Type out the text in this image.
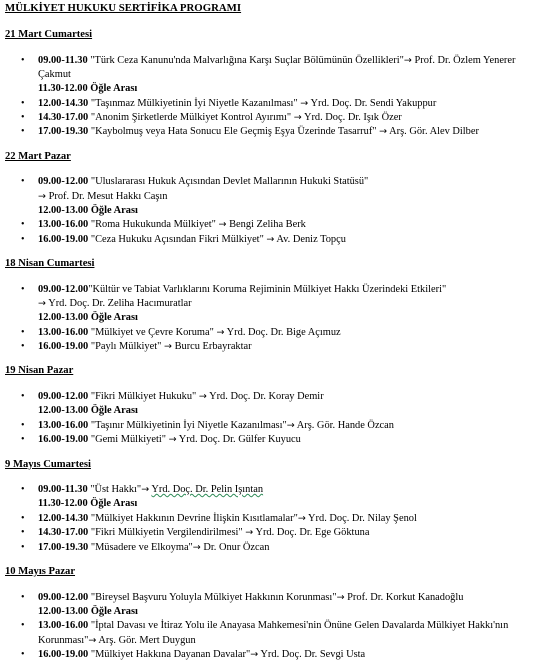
MÜLKİYET HUKUKU SERTİFİKA PROGRAMI
21 Mart Cumartesi
• 09.00-11.30 "Türk Ceza Kanunu'nda Malvarlığına Karşı Suçlar Bölümünün Özellikleri"→ Prof. Dr. Özlem Yenerer Çakmut
11.30-12.00 Öğle Arası
• 12.00-14.30 "Taşınmaz Mülkiyetinin İyi Niyetle Kazanılması" → Yrd. Doç. Dr. Sendi Yakuppur
• 14.30-17.00 "Anonim Şirketlerde Mülkiyet Kontrol Ayırımı" → Yrd. Doç. Dr. Işık Özer
• 17.00-19.30 "Kaybolmuş veya Hata Sonucu Ele Geçmiş Eşya Üzerinde Tasarruf" → Arş. Gör. Alev Dilber
22 Mart Pazar
• 09.00-12.00 "Uluslararası Hukuk Açısından Devlet Mallarının Hukuki Statüsü"
→ Prof. Dr. Mesut Hakkı Caşın
12.00-13.00 Öğle Arası
• 13.00-16.00 "Roma Hukukunda Mülkiyet" → Bengi Zeliha Berk
• 16.00-19.00 "Ceza Hukuku Açısından Fikri Mülkiyet" → Av. Deniz Topçu
18 Nisan Cumartesi
• 09.00-12.00"Kültür ve Tabiat Varlıklarını Koruma Rejiminin Mülkiyet Hakkı Üzerindeki Etkileri"
→ Yrd. Doç. Dr. Zeliha Hacımuratlar
12.00-13.00 Öğle Arası
• 13.00-16.00 "Mülkiyet ve Çevre Koruma" → Yrd. Doç. Dr. Bige Açımuz
• 16.00-19.00 "Paylı Mülkiyet" → Burcu Erbayraktar
19 Nisan Pazar
• 09.00-12.00 "Fikri Mülkiyet Hukuku" → Yrd. Doç. Dr. Koray Demir
12.00-13.00 Öğle Arası
• 13.00-16.00 "Taşınır Mülkiyetinin İyi Niyetle Kazanılması"→ Arş. Gör. Hande Özcan
• 16.00-19.00 "Gemi Mülkiyeti" → Yrd. Doç. Dr. Gülfer Kuyucu
9 Mayıs Cumartesi
• 09.00-11.30 "Üst Hakkı"→ Yrd. Doç. Dr. Pelin Işıntan
11.30-12.00 Öğle Arası
• 12.00-14.30 "Mülkiyet Hakkının Devrine İlişkin Kısıtlamalar"→ Yrd. Doç. Dr. Nilay Şenol
• 14.30-17.00 "Fikri Mülkiyetin Vergilendirilmesi" → Yrd. Doç. Dr. Ege Göktuna
• 17.00-19.30 "Müsadere ve Elkoyma"→ Dr. Onur Özcan
10 Mayıs Pazar
• 09.00-12.00 "Bireysel Başvuru Yoluyla Mülkiyet Hakkının Korunması"→ Prof. Dr. Korkut Kanadoğlu
12.00-13.00 Öğle Arası
• 13.00-16.00 "İptal Davası ve İtiraz Yolu ile Anayasa Mahkemesi'nin Önüne Gelen Davalarda Mülkiyet Hakkı'nın Korunması"→ Arş. Gör. Mert Duygun
• 16.00-19.00 "Mülkiyet Hakkına Dayanan Davalar"→ Yrd. Doç. Dr. Sevgi Usta
